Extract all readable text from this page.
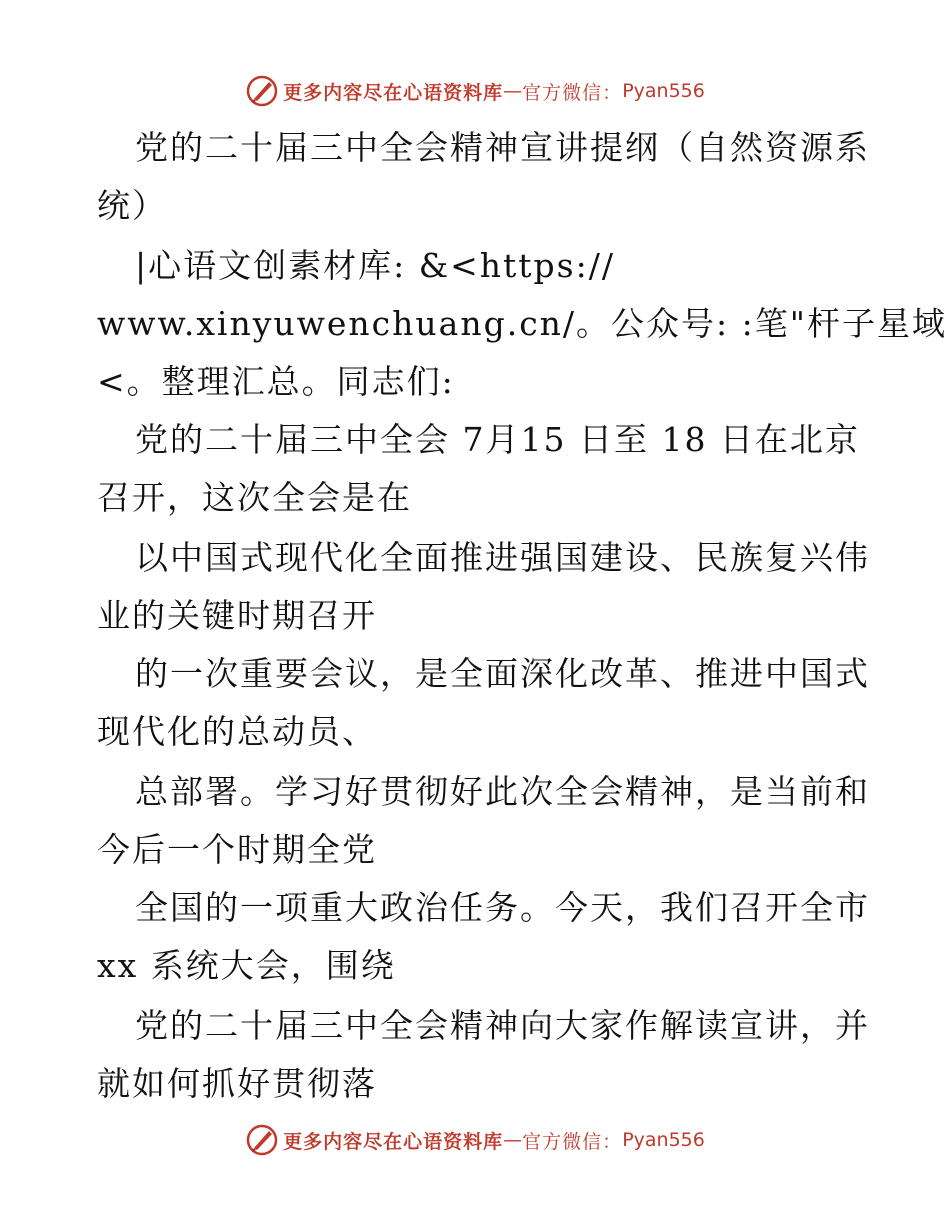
更多内容尽在心语资料库 — 官方微信： Pyan556
党的二十届三中全会精神宣讲提纲（自然资源系
统）
|心语文创素材库: &<https://
www.xinyuwenchuang.cn/。公众号: :笔"杆子星域
<。整理汇总。同志们:
党的二十届三中全会 7月15 日至 18 日在北京
召开，这次全会是在
以中国式现代化全面推进强国建设、民族复兴伟
业的关键时期召开
的一次重要会议，是全面深化改革、推进中国式
现代化的总动员、
总部署。学习好贯彻好此次全会精神，是当前和
今后一个时期全党
全国的一项重大政治任务。今天，我们召开全市
xx 系统大会，围绕
党的二十届三中全会精神向大家作解读宣讲，并
就如何抓好贯彻落
更多内容尽在心语资料库 — 官方微信： Pyan556
